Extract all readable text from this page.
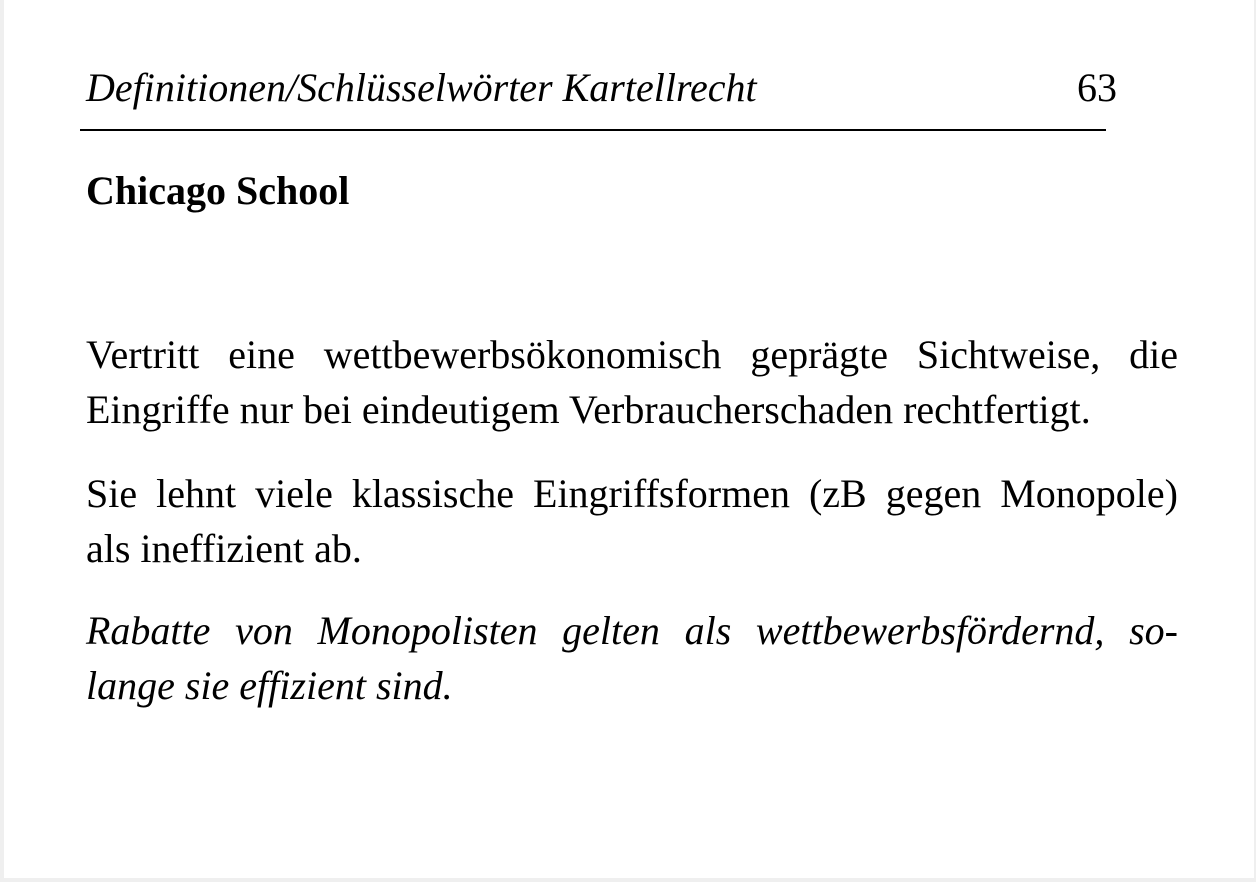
Definitionen/Schlüsselwörter Kartellrecht	63
Chicago School
Vertritt eine wettbewerbsökonomisch geprägte Sichtweise, die
Eingriffe nur bei eindeutigem Verbraucherschaden rechtfertigt.
Sie lehnt viele klassische Eingriffsformen (zB gegen Monopole)
als ineffizient ab.
Rabatte von Monopolisten gelten als wettbewerbsfördernd, so-
lange sie effizient sind.
